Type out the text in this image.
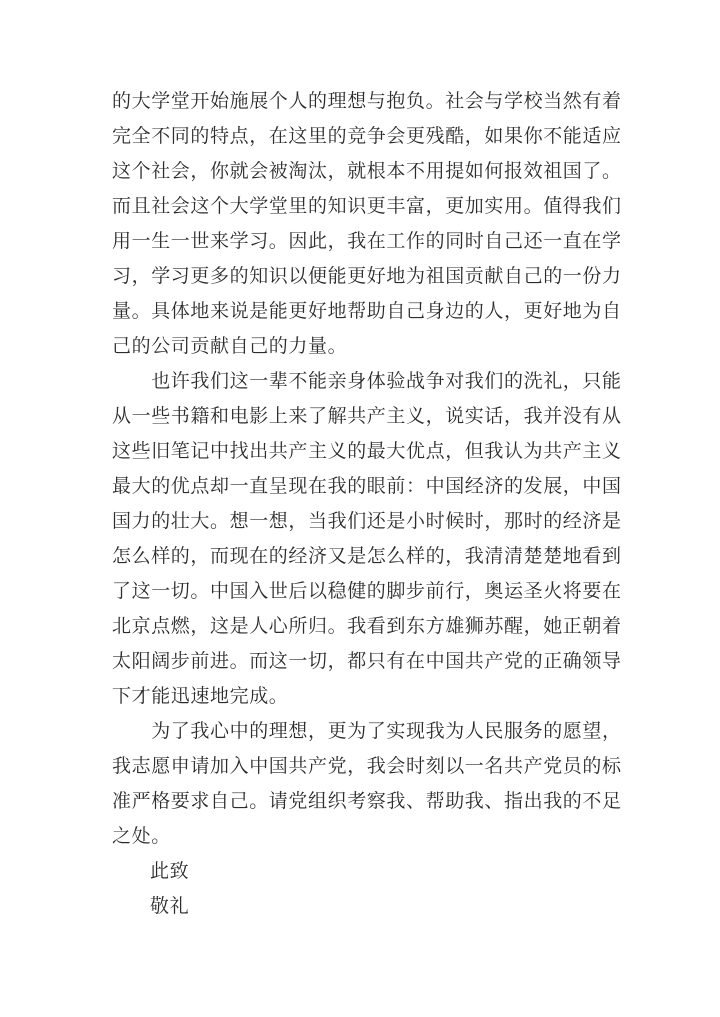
的大学堂开始施展个人的理想与抱负。社会与学校当然有着
完全不同的特点，在这里的竞争会更残酷，如果你不能适应
这个社会，你就会被淘汰，就根本不用提如何报效祖国了。
而且社会这个大学堂里的知识更丰富，更加实用。值得我们
用一生一世来学习。因此，我在工作的同时自己还一直在学
习，学习更多的知识以便能更好地为祖国贡献自己的一份力
量。具体地来说是能更好地帮助自己身边的人，更好地为自
己的公司贡献自己的力量。
　　也许我们这一辈不能亲身体验战争对我们的洗礼，只能
从一些书籍和电影上来了解共产主义，说实话，我并没有从
这些旧笔记中找出共产主义的最大优点，但我认为共产主义
最大的优点却一直呈现在我的眼前：中国经济的发展，中国
国力的壮大。想一想，当我们还是小时候时，那时的经济是
怎么样的，而现在的经济又是怎么样的，我清清楚楚地看到
了这一切。中国入世后以稳健的脚步前行，奥运圣火将要在
北京点燃，这是人心所归。我看到东方雄狮苏醒，她正朝着
太阳阔步前进。而这一切，都只有在中国共产党的正确领导
下才能迅速地完成。
　　为了我心中的理想，更为了实现我为人民服务的愿望，
我志愿申请加入中国共产党，我会时刻以一名共产党员的标
准严格要求自己。请党组织考察我、帮助我、指出我的不足
之处。
此致
敬礼
